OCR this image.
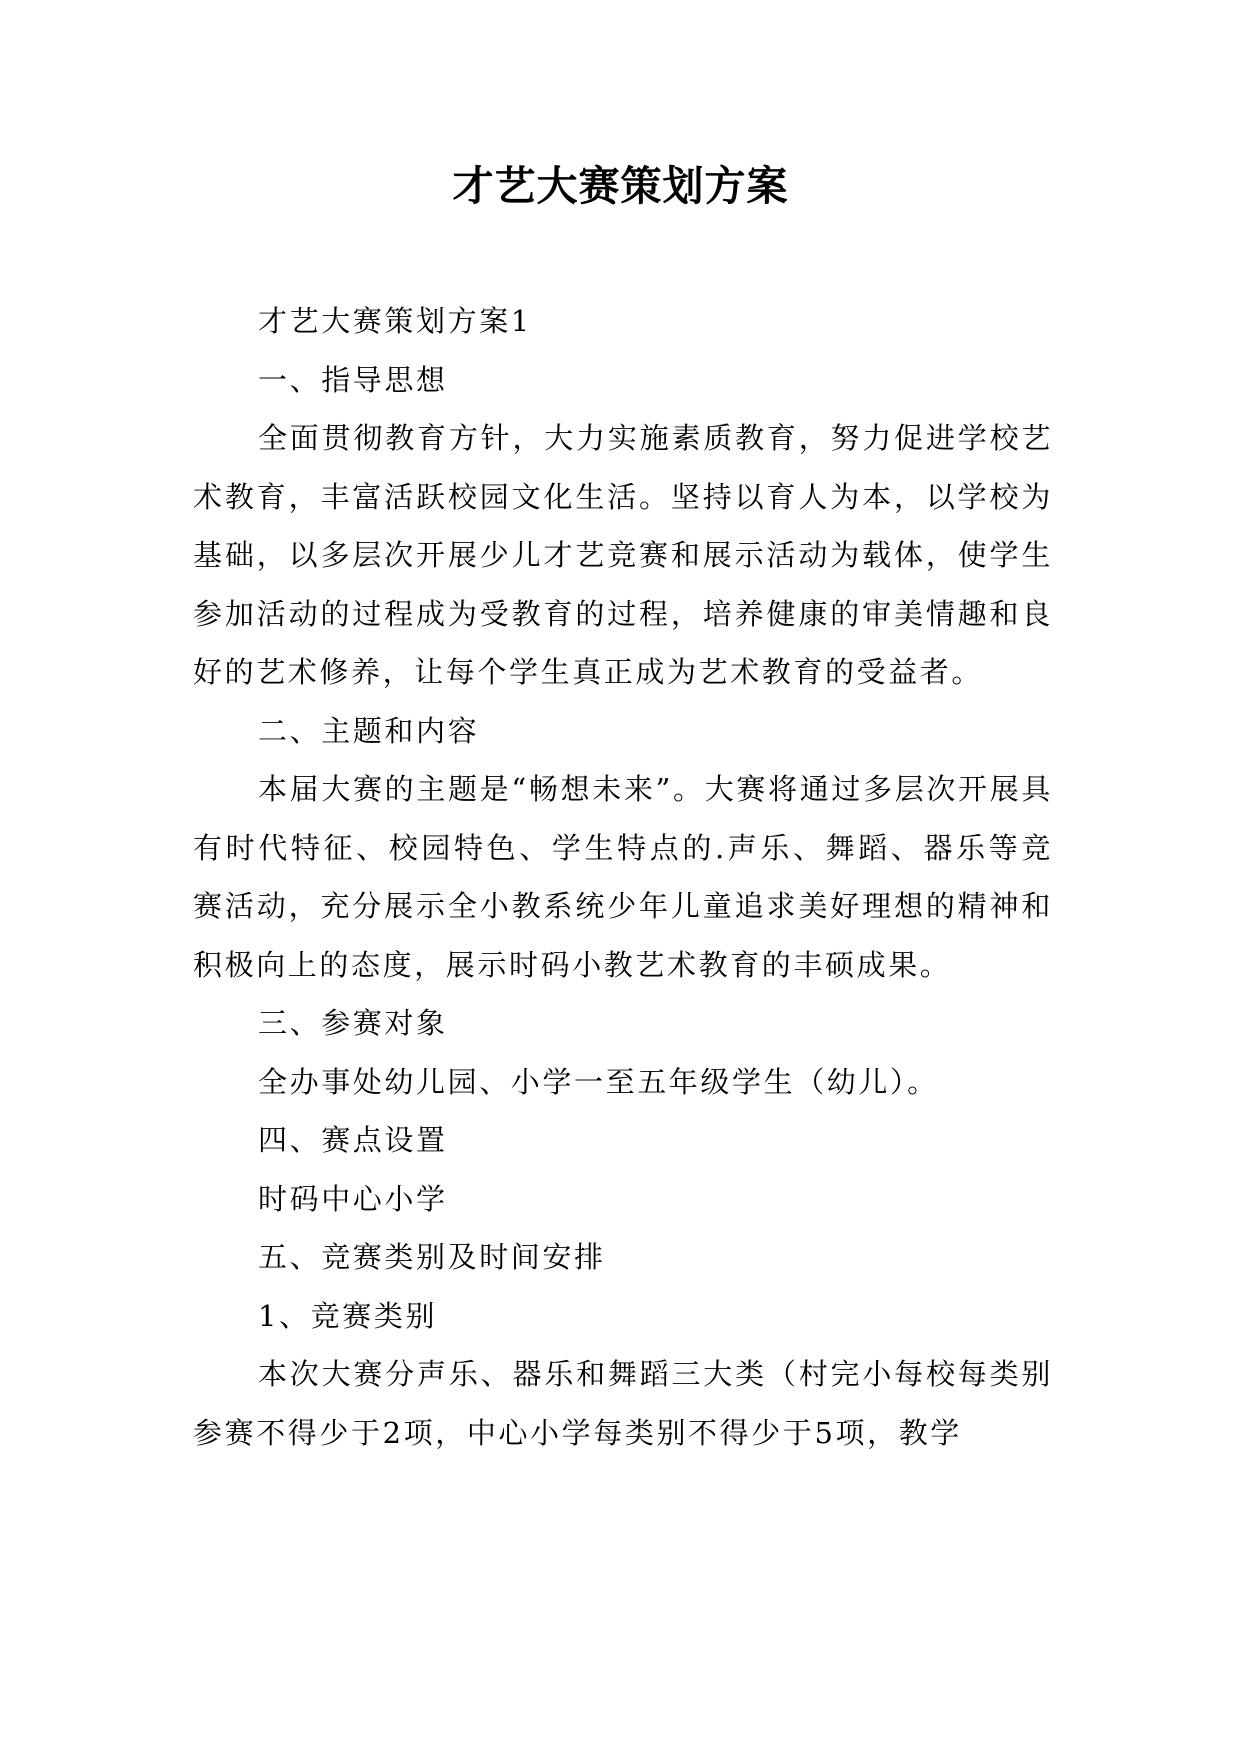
才艺大赛策划方案

才艺大赛策划方案1

一、指导思想

全面贯彻教育方针，大力实施素质教育，努力促进学校艺术教育，丰富活跃校园文化生活。坚持以育人为本，以学校为基础，以多层次开展少儿才艺竞赛和展示活动为载体，使学生参加活动的过程成为受教育的过程，培养健康的审美情趣和良好的艺术修养，让每个学生真正成为艺术教育的受益者。

二、主题和内容

本届大赛的主题是“畅想未来”。大赛将通过多层次开展具有时代特征、校园特色、学生特点的.声乐、舞蹈、器乐等竞赛活动，充分展示全小教系统少年儿童追求美好理想的精神和积极向上的态度，展示时码小教艺术教育的丰硕成果。

三、参赛对象

全办事处幼儿园、小学一至五年级学生（幼儿）。

四、赛点设置

时码中心小学

五、竞赛类别及时间安排

1、竞赛类别

本次大赛分声乐、器乐和舞蹈三大类（村完小每校每类别参赛不得少于2项，中心小学每类别不得少于5项，教学
